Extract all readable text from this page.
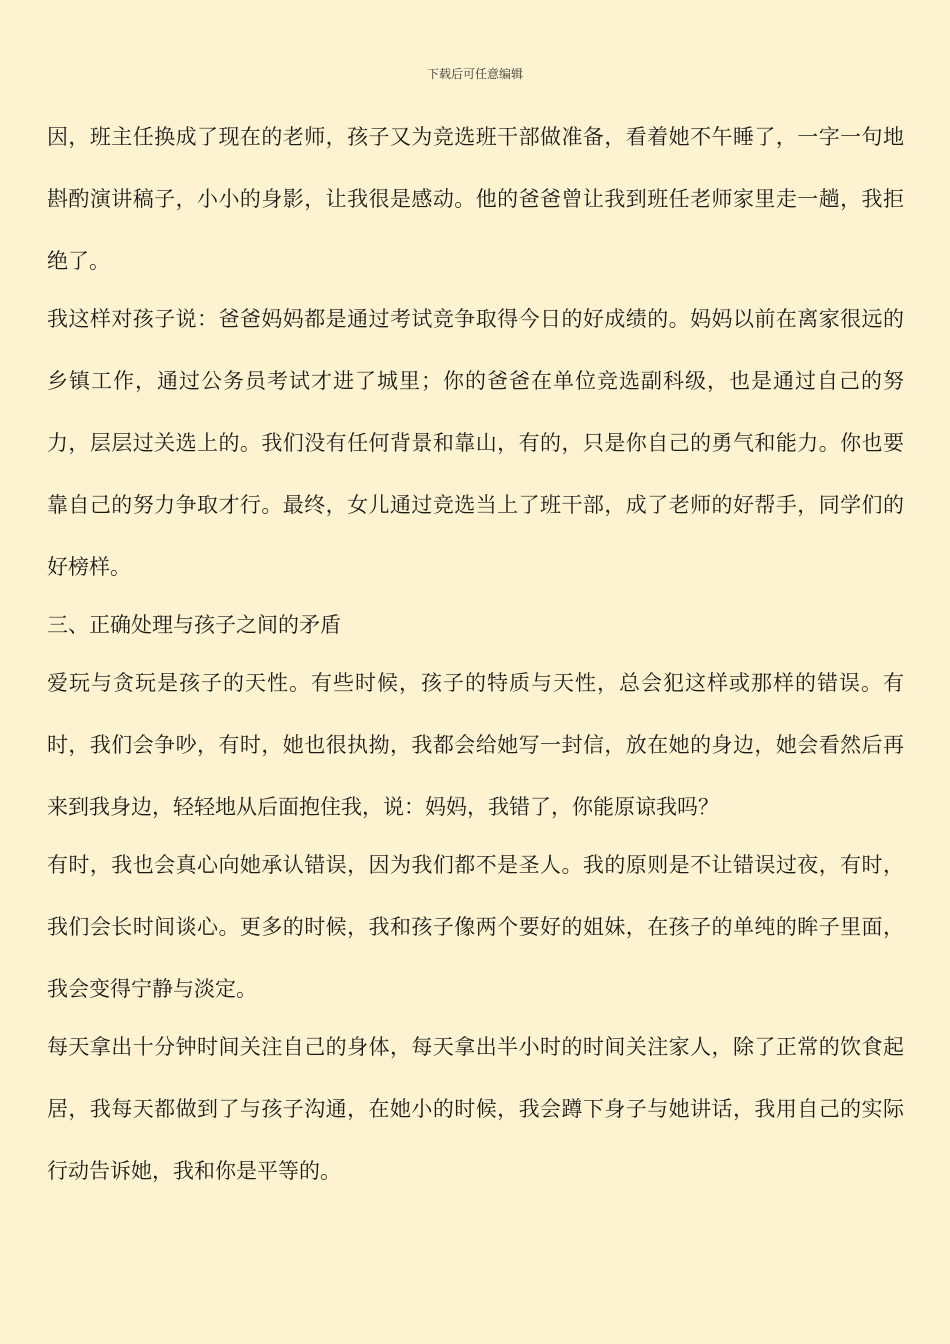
下载后可任意编辑

因，班主任换成了现在的老师，孩子又为竞选班干部做准备，看着她不午睡了，一字一句地斟酌演讲稿子，小小的身影，让我很是感动。他的爸爸曾让我到班任老师家里走一趟，我拒绝了。

我这样对孩子说：爸爸妈妈都是通过考试竞争取得今日的好成绩的。妈妈以前在离家很远的乡镇工作，通过公务员考试才进了城里；你的爸爸在单位竞选副科级，也是通过自己的努力，层层过关选上的。我们没有任何背景和靠山，有的，只是你自己的勇气和能力。你也要靠自己的努力争取才行。最终，女儿通过竞选当上了班干部，成了老师的好帮手，同学们的好榜样。

三、正确处理与孩子之间的矛盾

爱玩与贪玩是孩子的天性。有些时候，孩子的特质与天性，总会犯这样或那样的错误。有时，我们会争吵，有时，她也很执拗，我都会给她写一封信，放在她的身边，她会看然后再来到我身边，轻轻地从后面抱住我，说：妈妈，我错了，你能原谅我吗？

有时，我也会真心向她承认错误，因为我们都不是圣人。我的原则是不让错误过夜，有时，我们会长时间谈心。更多的时候，我和孩子像两个要好的姐妹，在孩子的单纯的眸子里面，我会变得宁静与淡定。

每天拿出十分钟时间关注自己的身体，每天拿出半小时的时间关注家人，除了正常的饮食起居，我每天都做到了与孩子沟通，在她小的时候，我会蹲下身子与她讲话，我用自己的实际行动告诉她，我和你是平等的。
